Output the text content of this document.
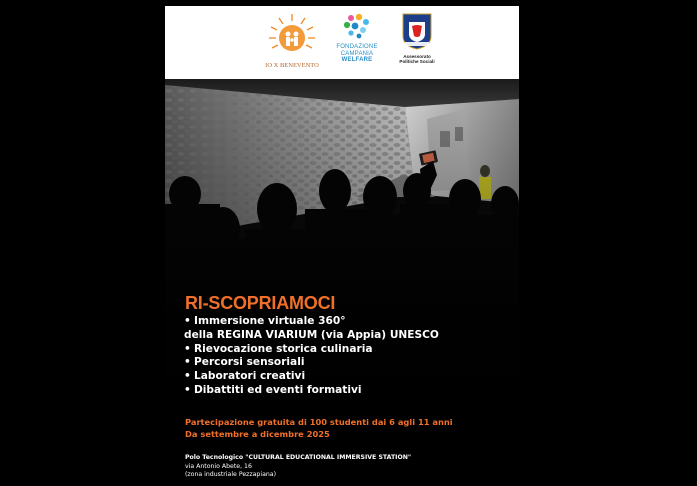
IO X BENEVENTO
FONDAZIONE
CAMPANIA
WELFARE
Assessorato
Politiche Sociali
RI-SCOPRIAMOCI
• Immersione virtuale 360°
della REGINA VIARIUM (via Appia) UNESCO
• Rievocazione storica culinaria
• Percorsi sensoriali
• Laboratori creativi
• Dibattiti ed eventi formativi
Partecipazione gratuita di 100 studenti dai 6 agli 11 anni
Da settembre a dicembre 2025
Polo Tecnologico "CULTURAL EDUCATIONAL IMMERSIVE STATION"
via Antonio Abete, 16
(zona industriale Pezzapiana)
